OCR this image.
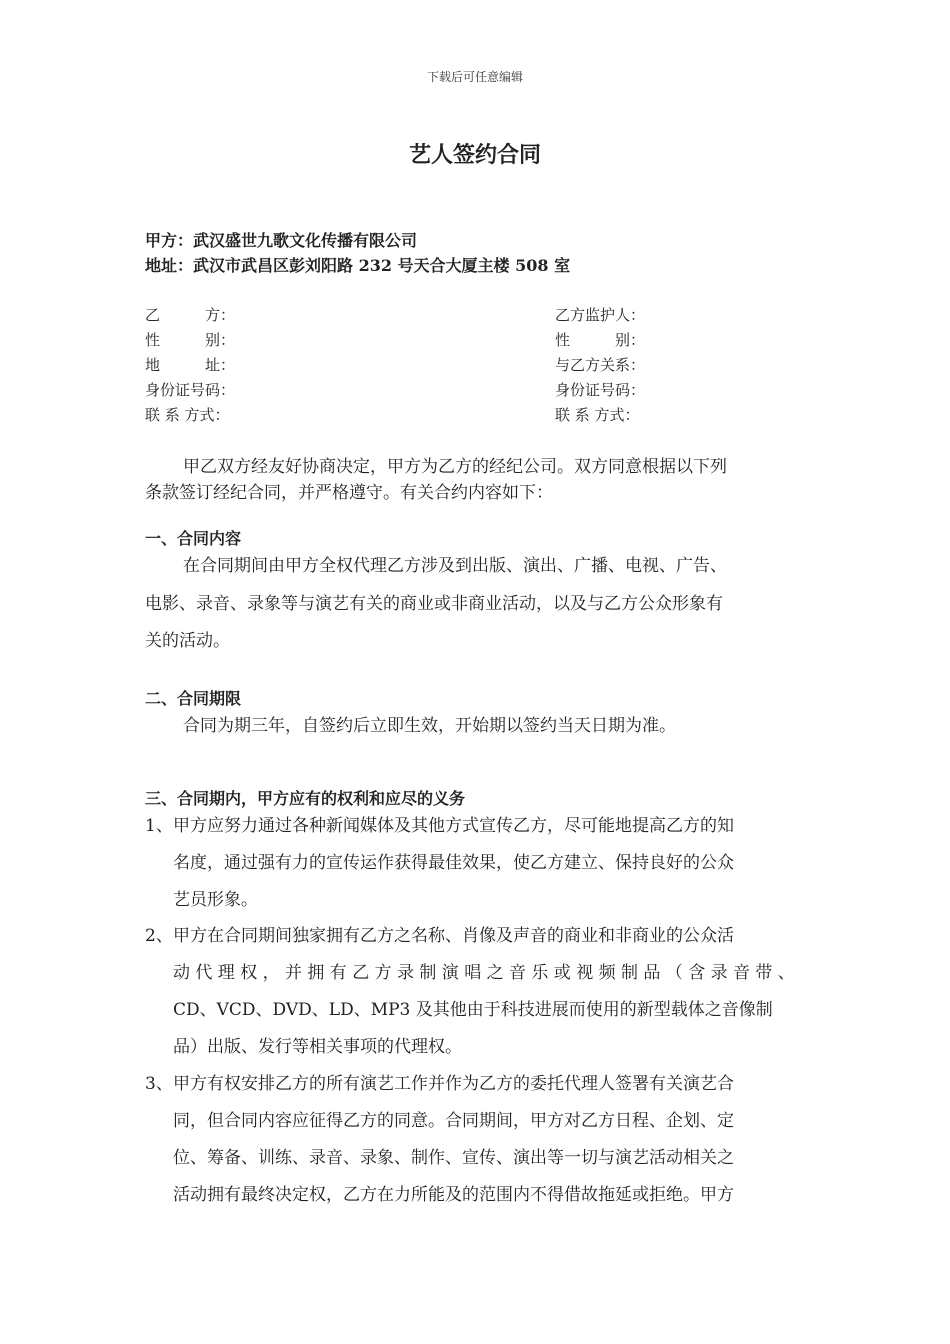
下载后可任意编辑
艺人签约合同
甲方：武汉盛世九歌文化传播有限公司
地址：武汉市武昌区彭刘阳路 232 号天合大厦主楼 508 室
乙　　　方：
性　　　别：
地　　　址：
身份证号码：
联 系 方式：
乙方监护人：
性　　　别：
与乙方关系：
身份证号码：
联 系 方式：
甲乙双方经友好协商决定，甲方为乙方的经纪公司。双方同意根据以下列
条款签订经纪合同，并严格遵守。有关合约内容如下：
一、合同内容
在合同期间由甲方全权代理乙方涉及到出版、演出、广播、电视、广告、
电影、录音、录象等与演艺有关的商业或非商业活动，以及与乙方公众形象有
关的活动。
二、合同期限
合同为期三年，自签约后立即生效，开始期以签约当天日期为准。
三、合同期内，甲方应有的权利和应尽的义务
1、 甲方应努力通过各种新闻媒体及其他方式宣传乙方，尽可能地提高乙方的知
名度，通过强有力的宣传运作获得最佳效果，使乙方建立、保持良好的公众
艺员形象。
2、 甲方在合同期间独家拥有乙方之名称、肖像及声音的商业和非商业的公众活
动代理权，并拥有乙方录制演唱之音乐或视频制品（含录音带、
CD、VCD、DVD、LD、MP3 及其他由于科技进展而使用的新型载体之音像制
品）出版、发行等相关事项的代理权。
3、 甲方有权安排乙方的所有演艺工作并作为乙方的委托代理人签署有关演艺合
同，但合同内容应征得乙方的同意。合同期间，甲方对乙方日程、企划、定
位、筹备、训练、录音、录象、制作、宣传、演出等一切与演艺活动相关之
活动拥有最终决定权，乙方在力所能及的范围内不得借故拖延或拒绝。甲方
